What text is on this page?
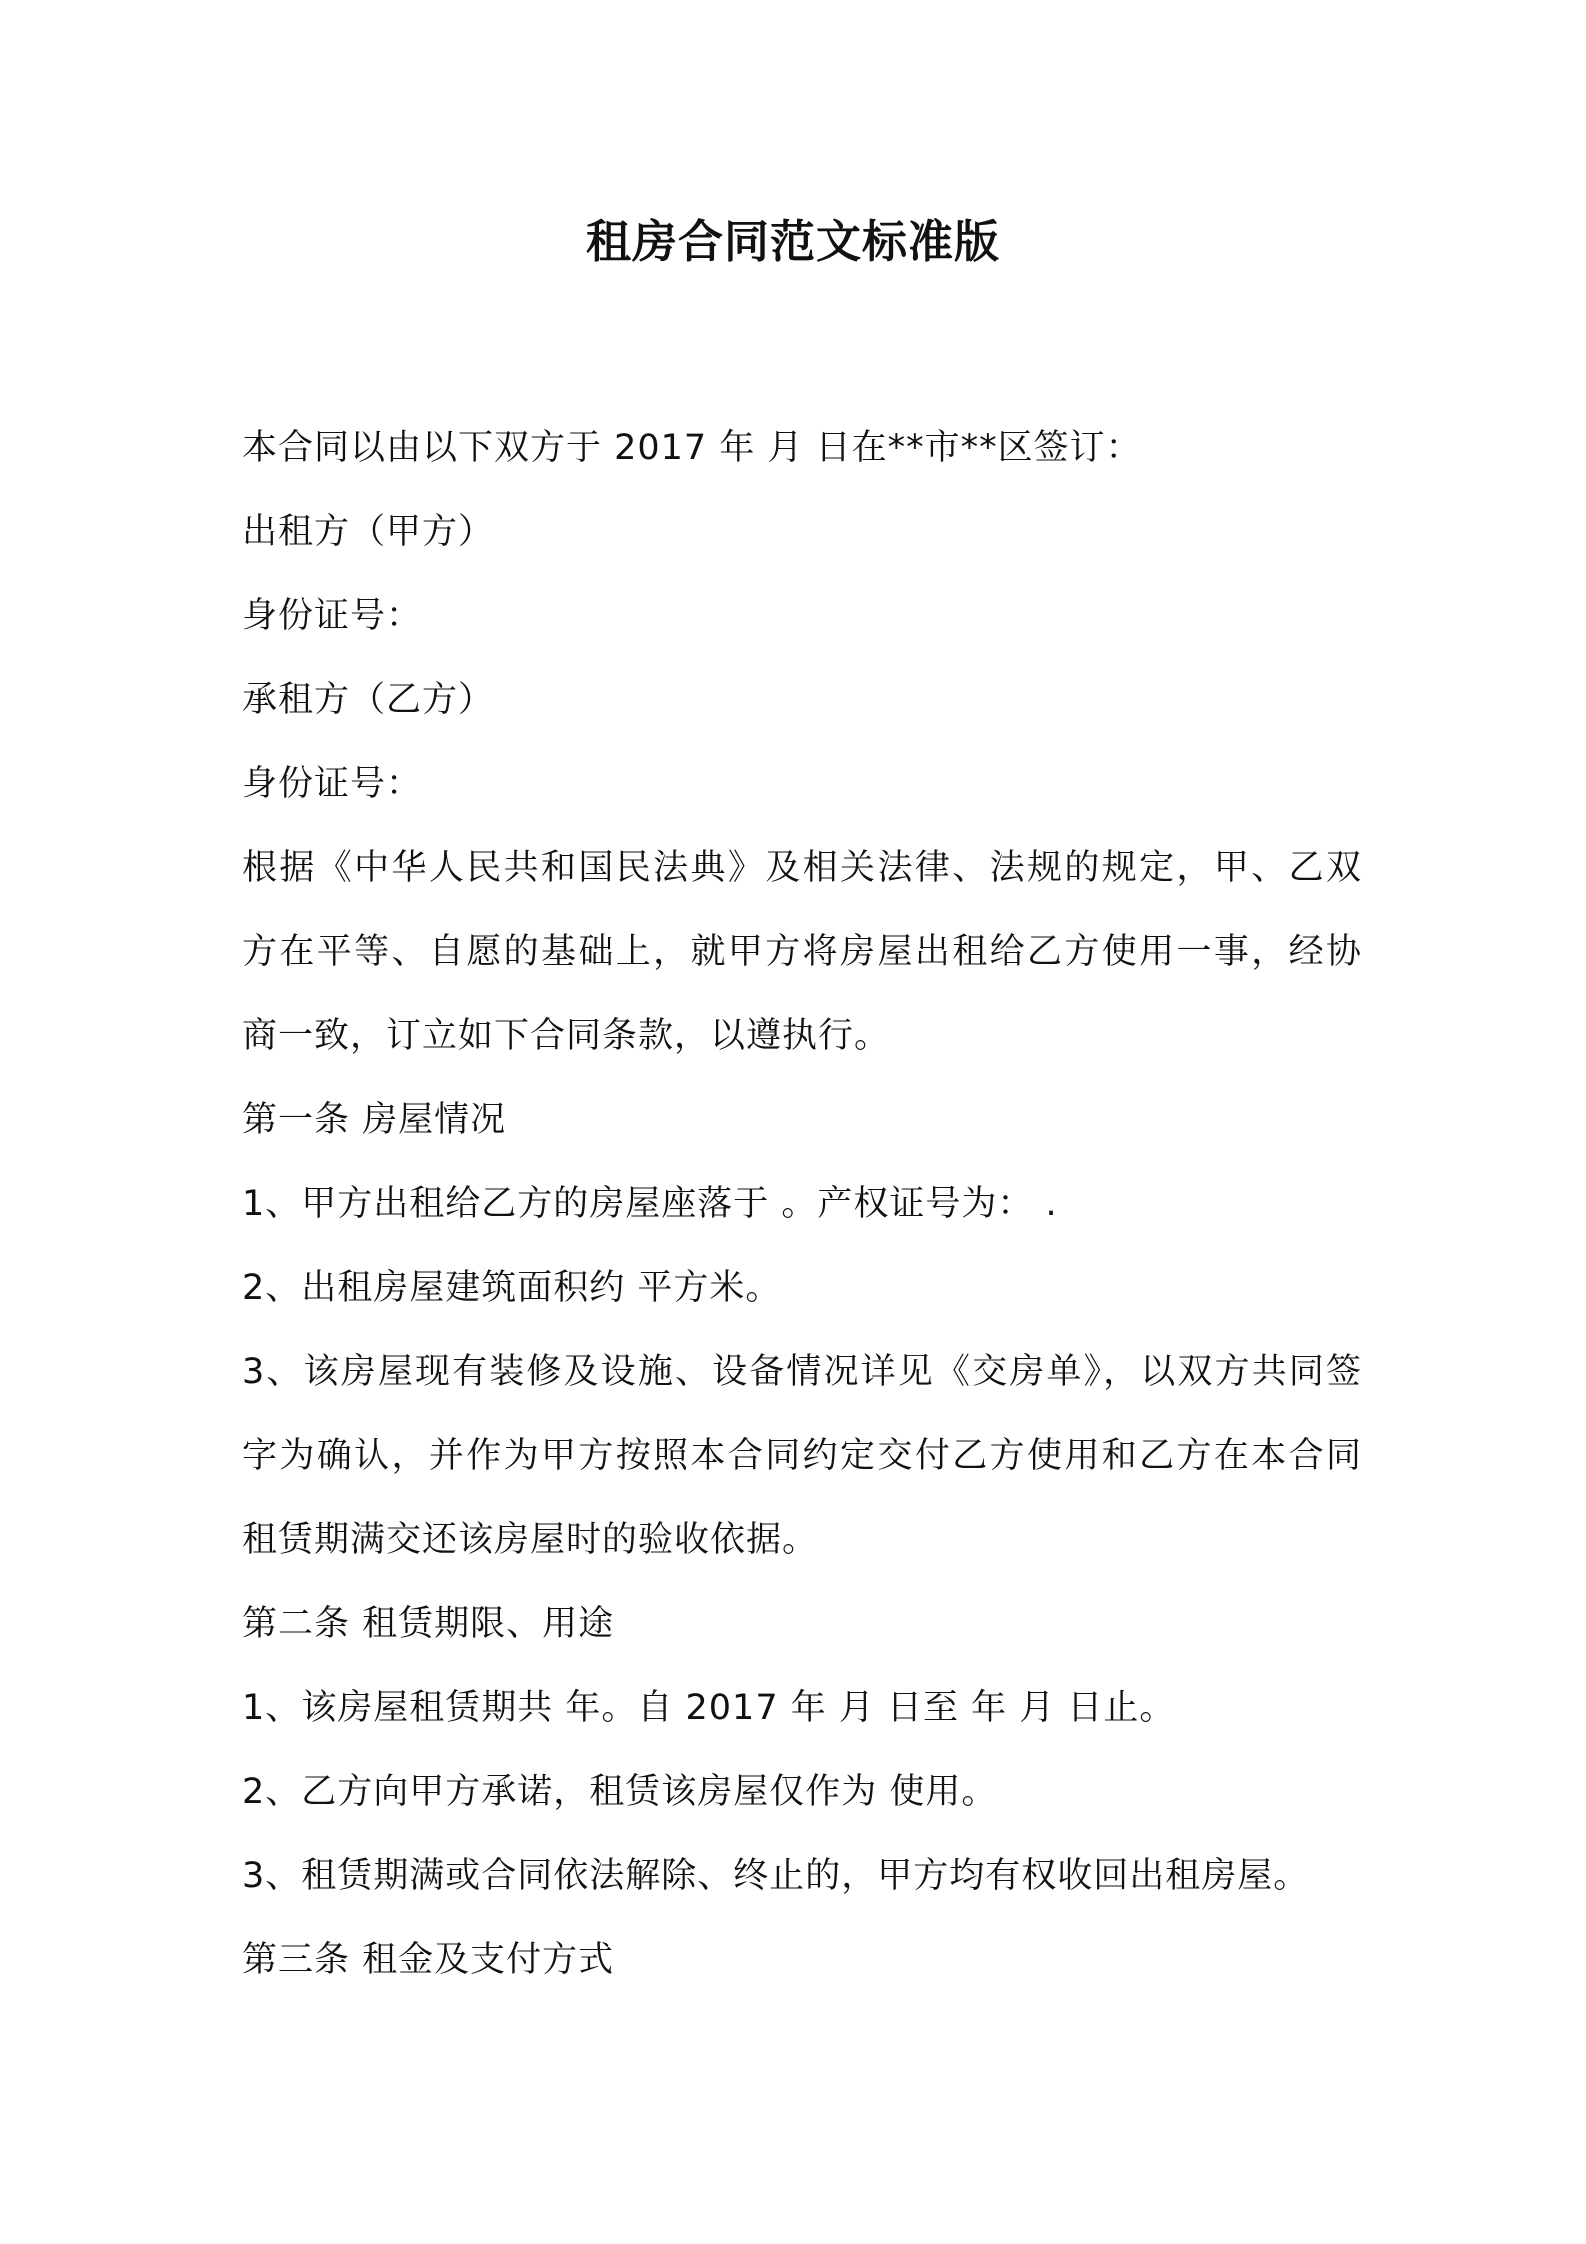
租房合同范文标准版
本合同以由以下双方于 2017 年 月 日在**市**区签订：
出租方（甲方）
身份证号：
承租方（乙方）
身份证号：
根据《中华人民共和国民法典》及相关法律、法规的规定，甲、乙双
方在平等、自愿的基础上，就甲方将房屋出租给乙方使用一事，经协
商一致，订立如下合同条款，以遵执行。
第一条 房屋情况
1、甲方出租给乙方的房屋座落于 。产权证号为： .
2、出租房屋建筑面积约 平方米。
3、该房屋现有装修及设施、设备情况详见《交房单》，以双方共同签
字为确认，并作为甲方按照本合同约定交付乙方使用和乙方在本合同
租赁期满交还该房屋时的验收依据。
第二条 租赁期限、用途
1、该房屋租赁期共 年。自 2017 年 月 日至 年 月 日止。
2、乙方向甲方承诺，租赁该房屋仅作为 使用。
3、租赁期满或合同依法解除、终止的，甲方均有权收回出租房屋。
第三条 租金及支付方式
